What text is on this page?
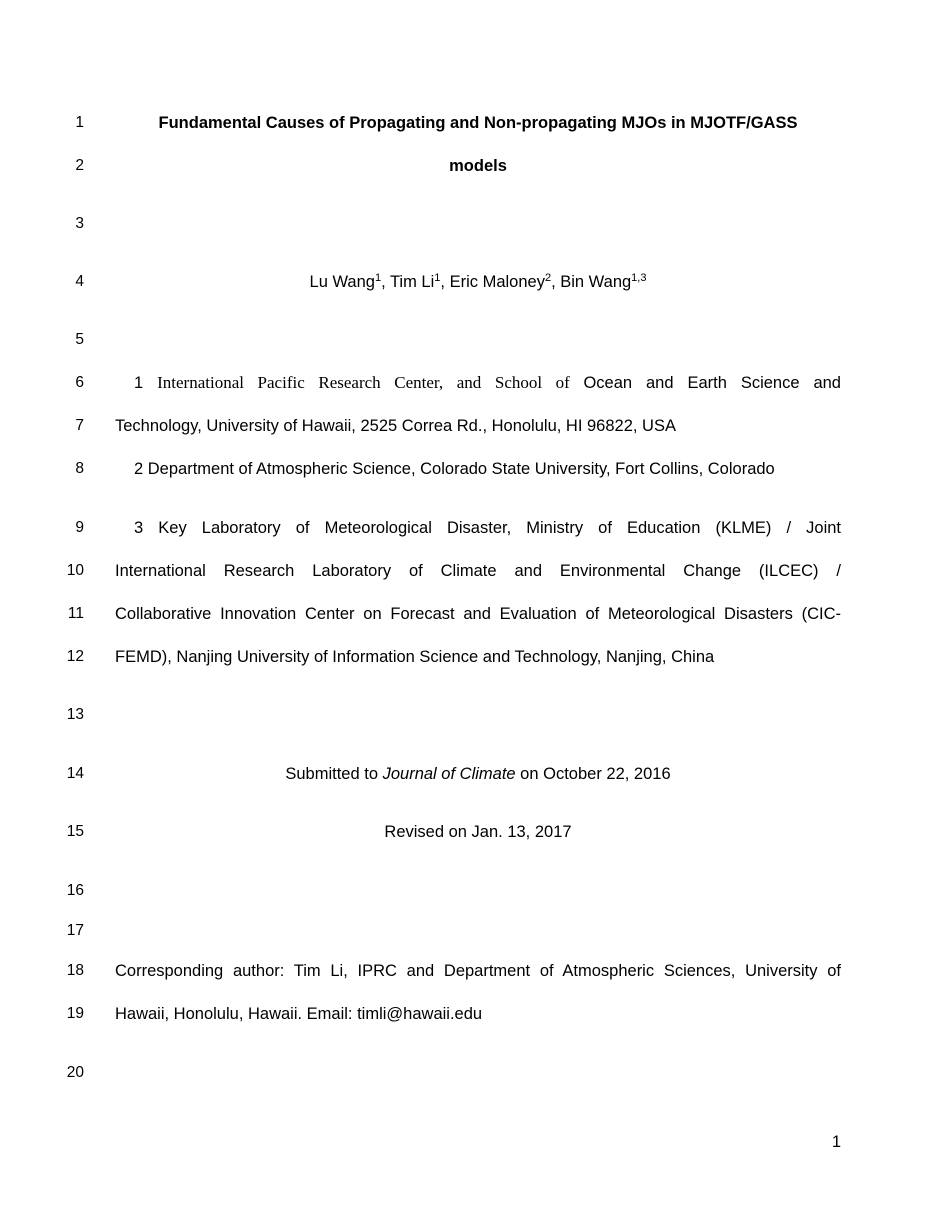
1	Fundamental Causes of Propagating and Non-propagating MJOs in MJOTF/GASS
2	models
3
4	Lu Wang$^1$, Tim Li$^1$, Eric Maloney$^2$, Bin Wang$^{1,3}$
5
6	1 International Pacific Research Center, and School of Ocean and Earth Science and
7 Technology, University of Hawaii, 2525 Correa Rd., Honolulu, HI 96822, USA
8	2 Department of Atmospheric Science, Colorado State University, Fort Collins, Colorado
9	3 Key Laboratory of Meteorological Disaster, Ministry of Education (KLME) / Joint
10 International Research Laboratory of Climate and Environmental Change (ILCEC) /
11 Collaborative Innovation Center on Forecast and Evaluation of Meteorological Disasters (CIC-
12 FEMD), Nanjing University of Information Science and Technology, Nanjing, China
13
14	Submitted to Journal of Climate on October 22, 2016
15	Revised on Jan. 13, 2017
16
17
18 Corresponding author: Tim Li, IPRC and Department of Atmospheric Sciences, University of
19 Hawaii, Honolulu, Hawaii. Email: timli@hawaii.edu
20
1
